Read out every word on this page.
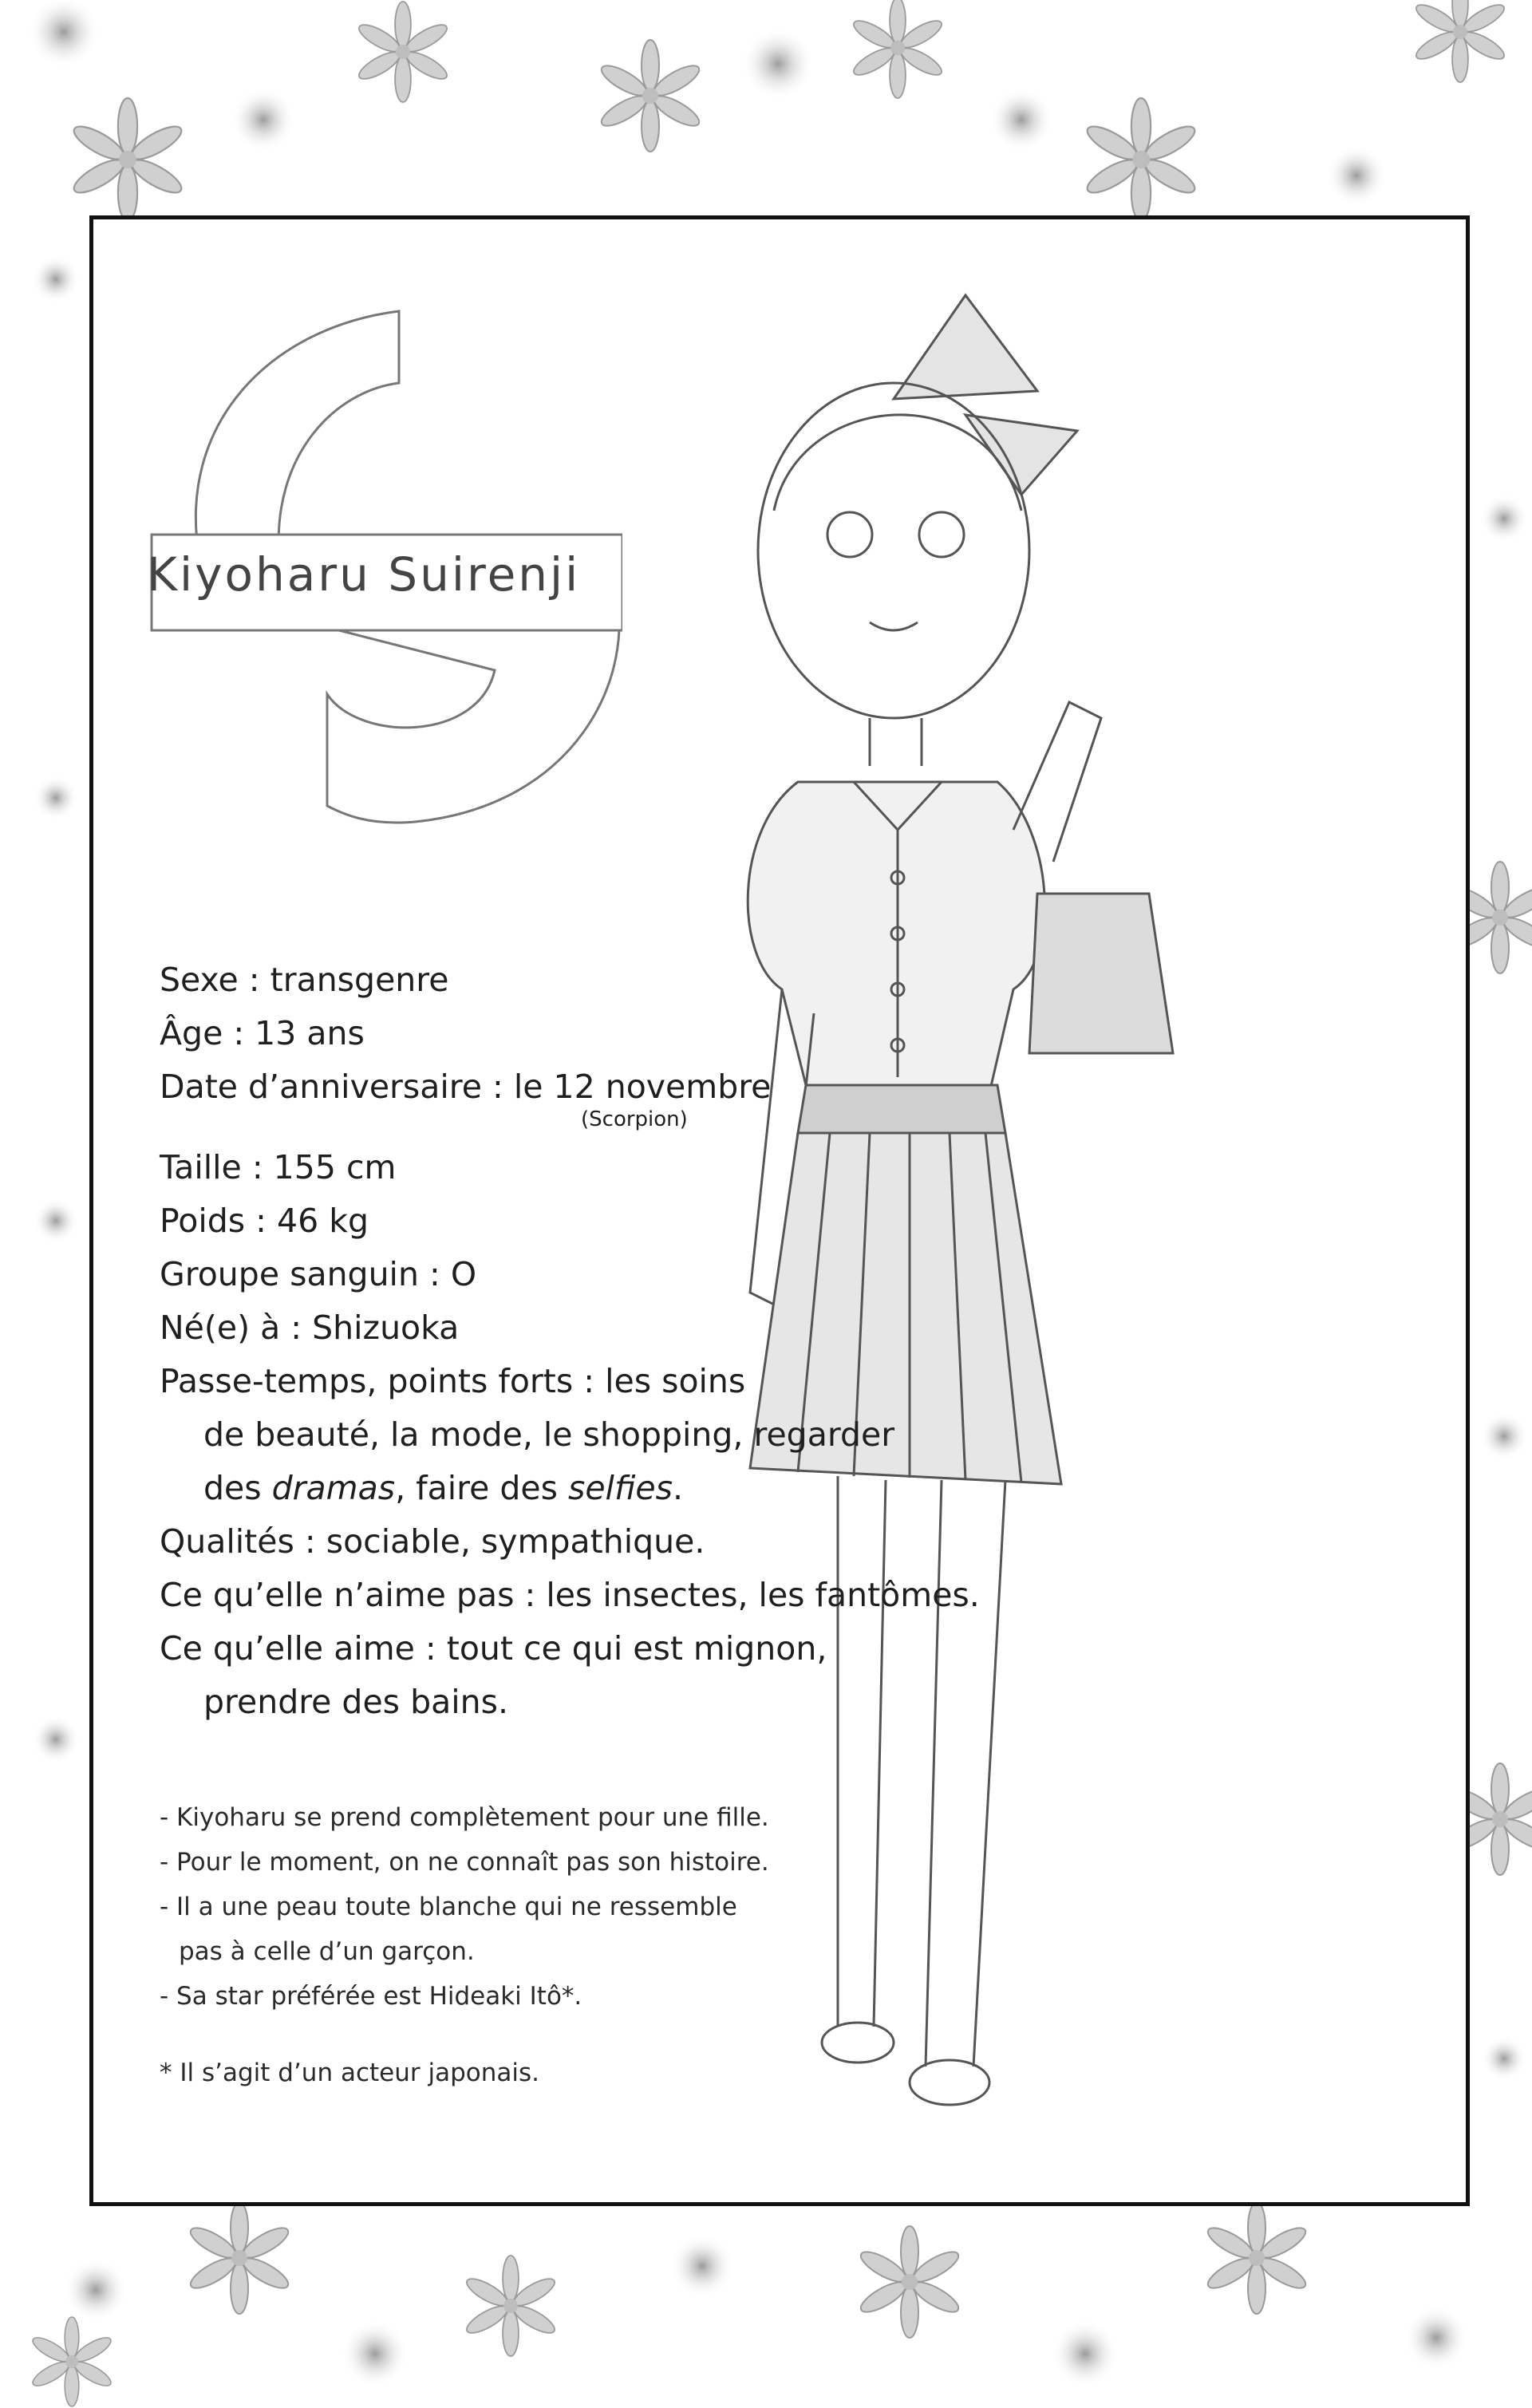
Kiyoharu Suirenji
Sexe : transgenre
Âge : 13 ans
Date d’anniversaire : le 12 novembre
(Scorpion)
Taille : 155 cm
Poids : 46 kg
Groupe sanguin : O
Né(e) à : Shizuoka
Passe-temps, points forts : les soins
de beauté, la mode, le shopping, regarder
des dramas, faire des selfies.
Qualités : sociable, sympathique.
Ce qu’elle n’aime pas : les insectes, les fantômes.
Ce qu’elle aime : tout ce qui est mignon,
prendre des bains.
- Kiyoharu se prend complètement pour une fille.
- Pour le moment, on ne connaît pas son histoire.
- Il a une peau toute blanche qui ne ressemble
pas à celle d’un garçon.
- Sa star préférée est Hideaki Itô*.
* Il s’agit d’un acteur japonais.
